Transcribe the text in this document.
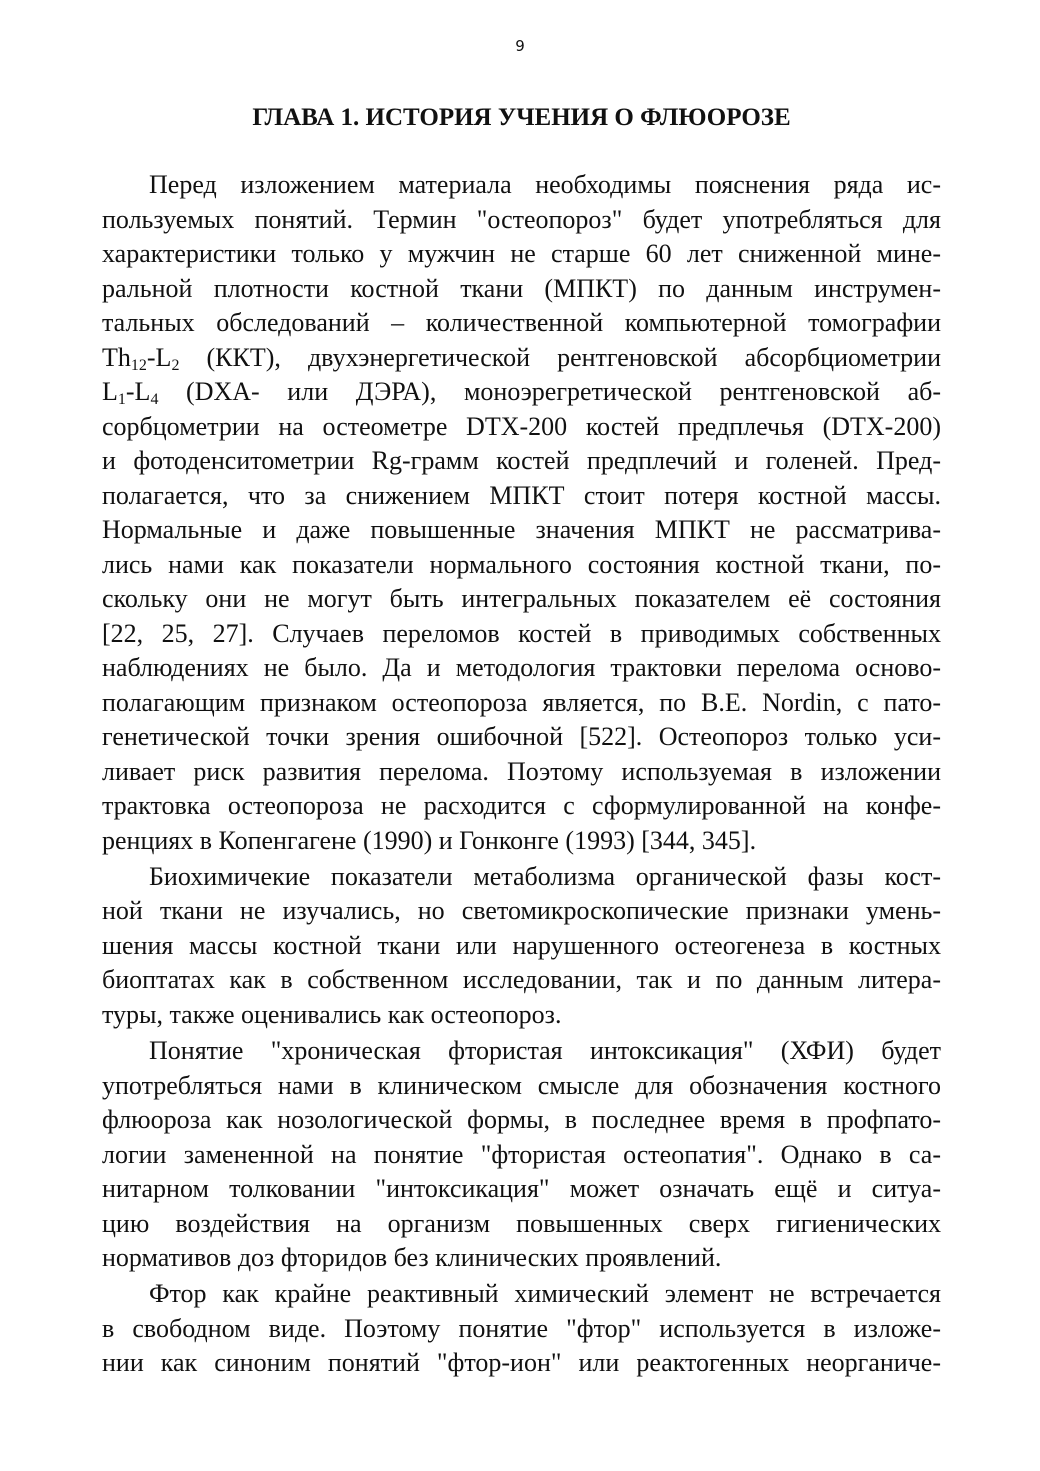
9
ГЛАВА 1. ИСТОРИЯ УЧЕНИЯ О ФЛЮОРОЗЕ
Перед изложением материала необходимы пояснения ряда ис-
пользуемых понятий. Термин "остеопороз" будет употребляться для
характеристики только у мужчин не старше 60 лет сниженной мине-
ральной плотности костной ткани (МПКТ) по данным инструмен-
тальных обследований – количественной компьютерной томографии
$Th_{12}-L_2$ (ККТ), двухэнергетической рентгеновской абсорбциометрии
$L_1-L_4$ (DXA- или ДЭРА), моноэрегретической рентгеновской аб-
сорбцометрии на остеометре DTX-200 костей предплечья (DTX-200)
и фотоденситометрии Rg-грамм костей предплечий и голеней. Пред-
полагается, что за снижением МПКТ стоит потеря костной массы.
Нормальные и даже повышенные значения МПКТ не рассматрива-
лись нами как показатели нормального состояния костной ткани, по-
скольку они не могут быть интегральных показателем её состояния
[22, 25, 27]. Случаев переломов костей в приводимых собственных
наблюдениях не было. Да и методология трактовки перелома осново-
полагающим признаком остеопороза является, по B.E. Nordin, с пато-
генетической точки зрения ошибочной [522]. Остеопороз только уси-
ливает риск развития перелома. Поэтому используемая в изложении
трактовка остеопороза не расходится с сформулированной на конфе-
ренциях в Копенгагене (1990) и Гонконге (1993) [344, 345].
Биохимичекие показатели метаболизма органической фазы кост-
ной ткани не изучались, но светомикроскопические признаки умень-
шения массы костной ткани или нарушенного остеогенеза в костных
биоптатах как в собственном исследовании, так и по данным литера-
туры, также оценивались как остеопороз.
Понятие "хроническая фтористая интоксикация" (ХФИ) будет
употребляться нами в клиническом смысле для обозначения костного
флюороза как нозологической формы, в последнее время в профпато-
логии замененной на понятие "фтористая остеопатия". Однако в са-
нитарном толковании "интоксикация" может означать ещё и ситуа-
цию воздействия на организм повышенных сверх гигиенических
нормативов доз фторидов без клинических проявлений.
Фтор как крайне реактивный химический элемент не встречается
в свободном виде. Поэтому понятие "фтор" используется в изложе-
нии как синоним понятий "фтор-ион" или реактогенных неорганиче-
